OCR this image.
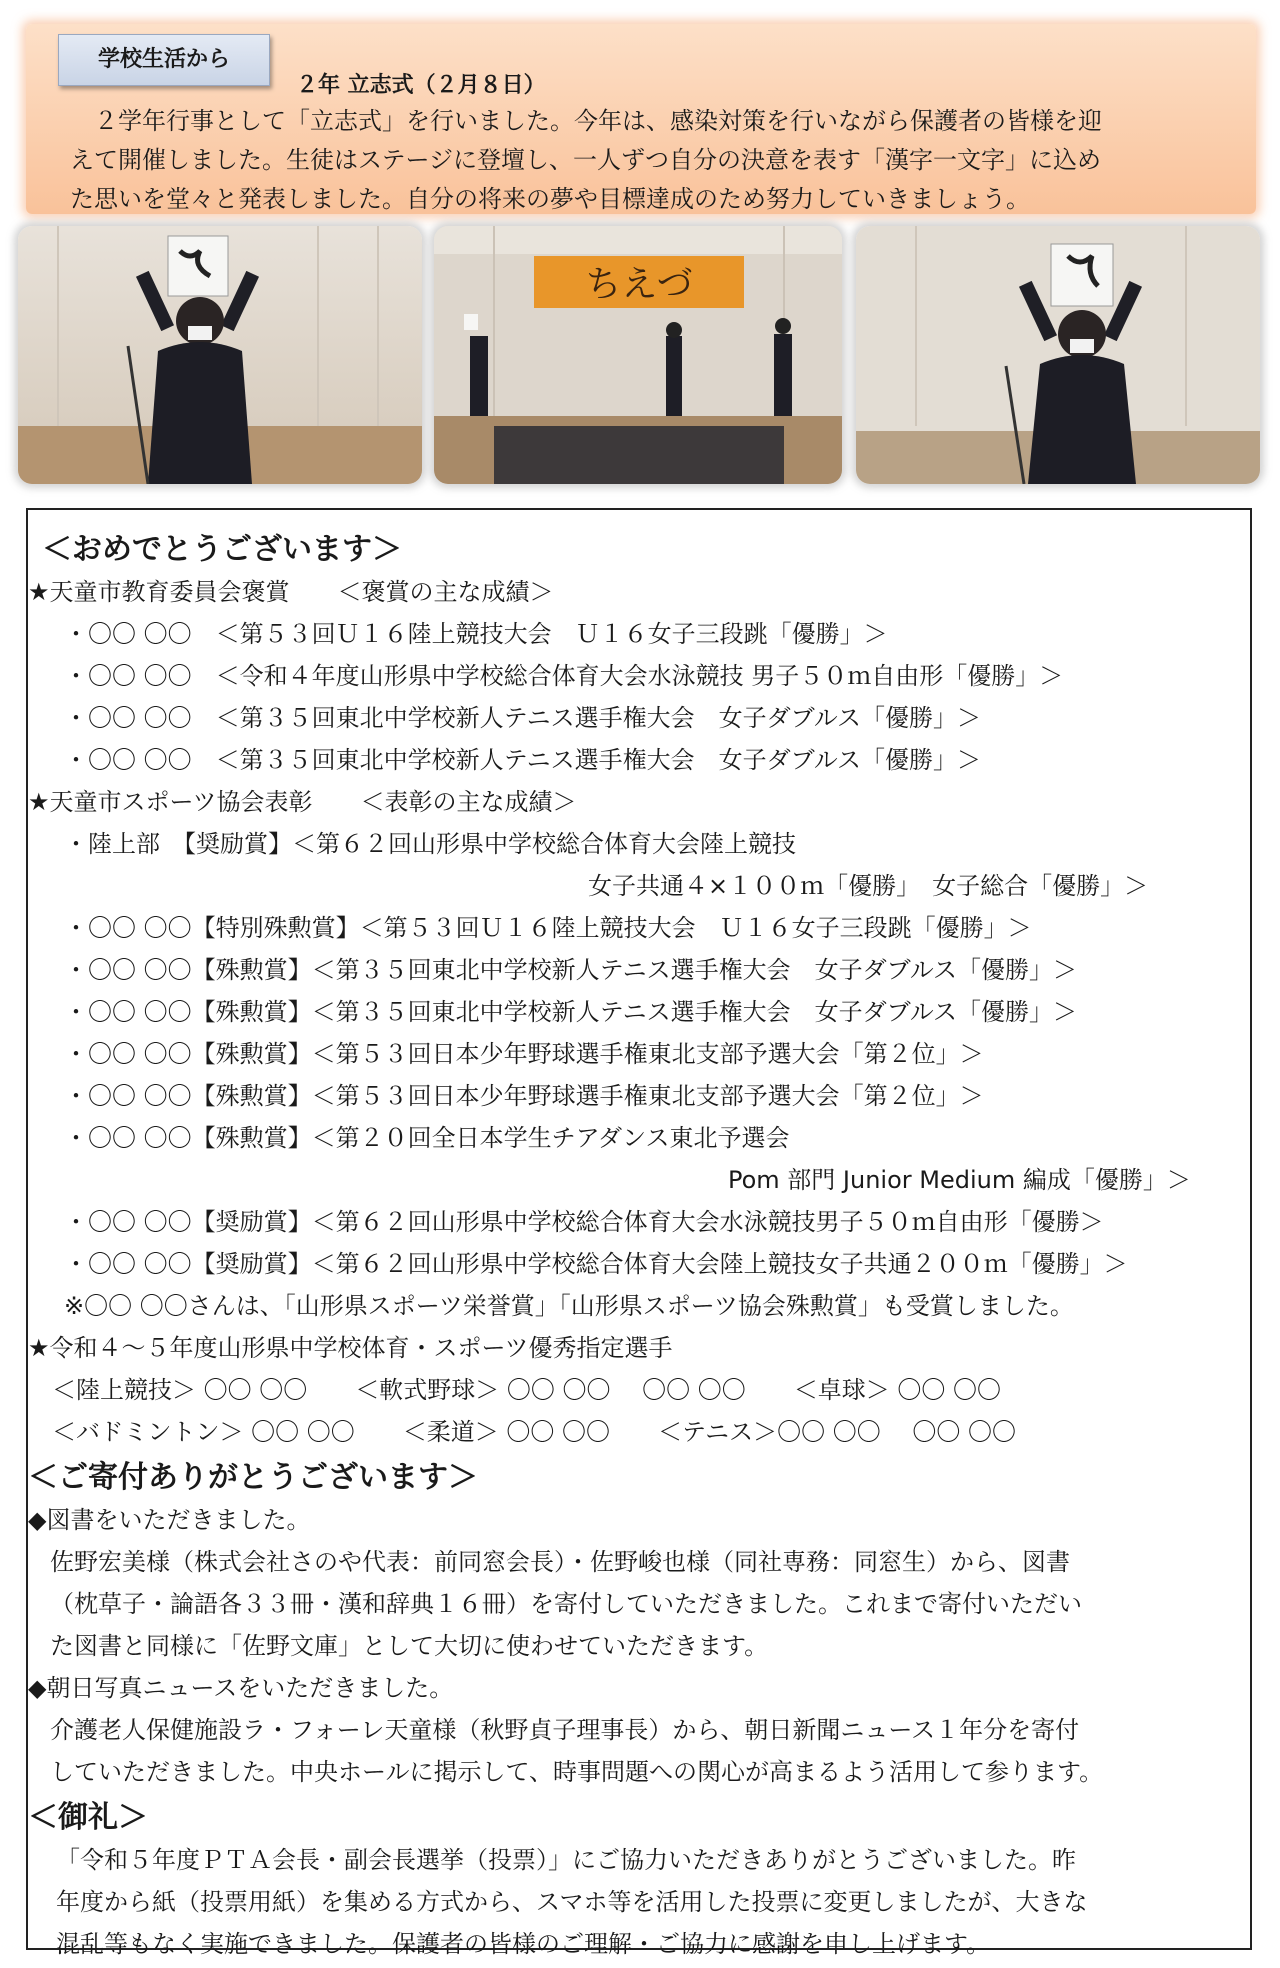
学校生活から
２年 立志式（２月８日）

　２学年行事として「立志式」を行いました。今年は、感染対策を行いながら保護者の皆様を迎

えて開催しました。生徒はステージに登壇し、一人ずつ自分の決意を表す「漢字一文字」に込め

た思いを堂々と発表しました。自分の将来の夢や目標達成のため努力していきましょう。

ちえづ
＜おめでとうございます＞
★天童市教育委員会褒賞　　＜褒賞の主な成績＞
・〇〇 〇〇　＜第５３回Ｕ１６陸上競技大会　Ｕ１６女子三段跳「優勝」＞
・〇〇 〇〇　＜令和４年度山形県中学校総合体育大会水泳競技 男子５０ｍ自由形「優勝」＞
・〇〇 〇〇　＜第３５回東北中学校新人テニス選手権大会　女子ダブルス「優勝」＞
・〇〇 〇〇　＜第３５回東北中学校新人テニス選手権大会　女子ダブルス「優勝」＞
★天童市スポーツ協会表彰　　＜表彰の主な成績＞
・陸上部　【奨励賞】＜第６２回山形県中学校総合体育大会陸上競技
女子共通４×１００ｍ「優勝」　女子総合「優勝」＞
・〇〇 〇〇【特別殊勲賞】＜第５３回Ｕ１６陸上競技大会　Ｕ１６女子三段跳「優勝」＞
・〇〇 〇〇【殊勲賞】＜第３５回東北中学校新人テニス選手権大会　女子ダブルス「優勝」＞
・〇〇 〇〇【殊勲賞】＜第３５回東北中学校新人テニス選手権大会　女子ダブルス「優勝」＞
・〇〇 〇〇【殊勲賞】＜第５３回日本少年野球選手権東北支部予選大会「第２位」＞
・〇〇 〇〇【殊勲賞】＜第５３回日本少年野球選手権東北支部予選大会「第２位」＞
・〇〇 〇〇【殊勲賞】＜第２０回全日本学生チアダンス東北予選会
Pom 部門 Junior Medium 編成「優勝」＞
・〇〇 〇〇【奨励賞】＜第６２回山形県中学校総合体育大会水泳競技男子５０ｍ自由形「優勝＞
・〇〇 〇〇【奨励賞】＜第６２回山形県中学校総合体育大会陸上競技女子共通２００ｍ「優勝」＞
※〇〇 〇〇さんは、「山形県スポーツ栄誉賞」「山形県スポーツ協会殊勲賞」も受賞しました。
★令和４～５年度山形県中学校体育・スポーツ優秀指定選手
＜陸上競技＞ 〇〇 〇〇　　＜軟式野球＞ 〇〇 〇〇　 〇〇 〇〇　　＜卓球＞ 〇〇 〇〇
＜バドミントン＞ 〇〇 〇〇　　＜柔道＞ 〇〇 〇〇　　＜テニス＞〇〇 〇〇　 〇〇 〇〇
＜ご寄付ありがとうございます＞
◆図書をいただきました。
佐野宏美様（株式会社さのや代表：前同窓会長）・佐野峻也様（同社専務：同窓生）から、図書
（枕草子・論語各３３冊・漢和辞典１６冊）を寄付していただきました。これまで寄付いただい
た図書と同様に「佐野文庫」として大切に使わせていただきます。
◆朝日写真ニュースをいただきました。
介護老人保健施設ラ・フォーレ天童様（秋野貞子理事長）から、朝日新聞ニュース１年分を寄付
していただきました。中央ホールに掲示して、時事問題への関心が高まるよう活用して参ります。
＜御礼＞
「令和５年度ＰＴＡ会長・副会長選挙（投票）」にご協力いただきありがとうございました。昨
年度から紙（投票用紙）を集める方式から、スマホ等を活用した投票に変更しましたが、大きな
混乱等もなく実施できました。保護者の皆様のご理解・ご協力に感謝を申し上げます。
